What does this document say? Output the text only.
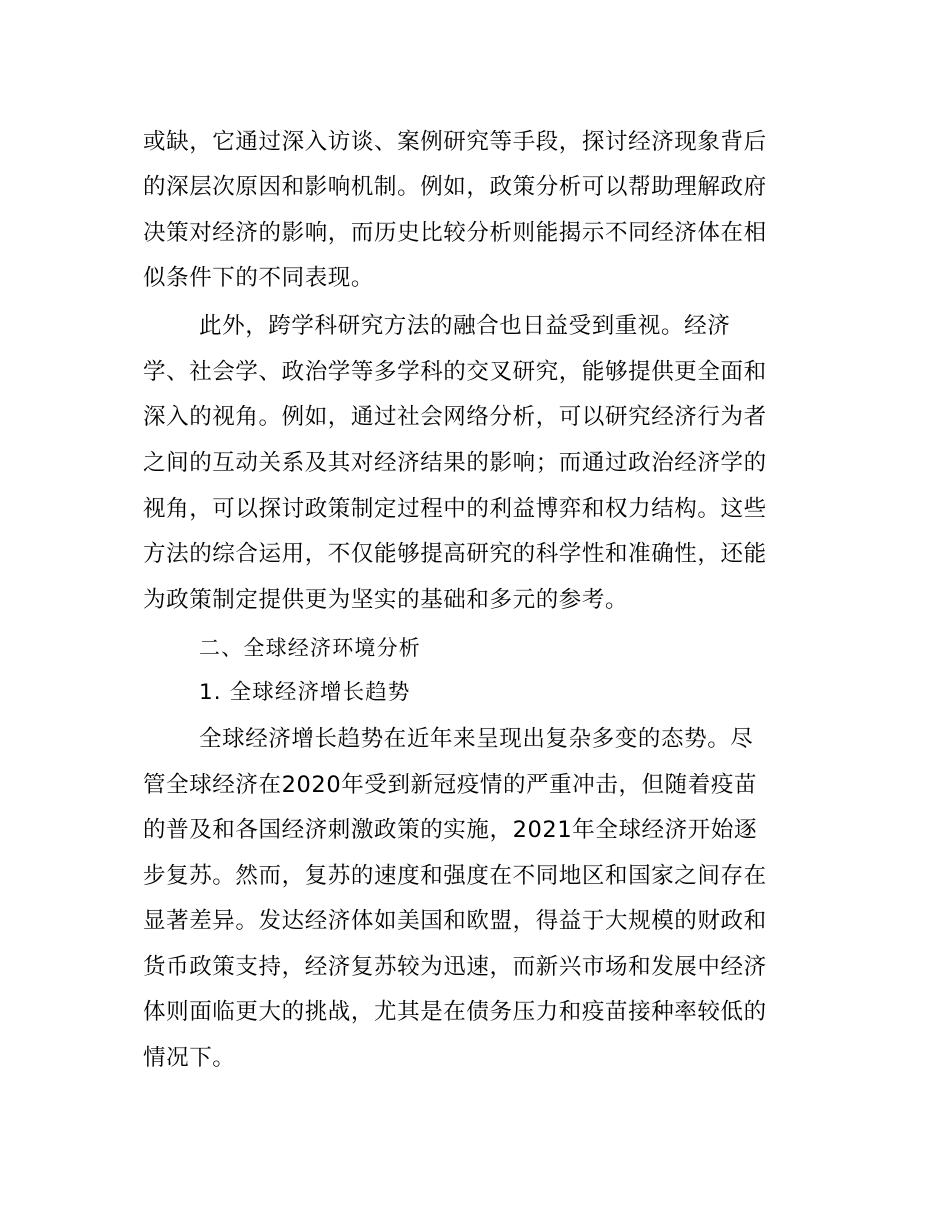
或缺，它通过深入访谈、案例研究等手段，探讨经济现象背后
的深层次原因和影响机制。例如，政策分析可以帮助理解政府
决策对经济的影响，而历史比较分析则能揭示不同经济体在相
似条件下的不同表现。
此外，跨学科研究方法的融合也日益受到重视。经济
学、社会学、政治学等多学科的交叉研究，能够提供更全面和
深入的视角。例如，通过社会网络分析，可以研究经济行为者
之间的互动关系及其对经济结果的影响；而通过政治经济学的
视角，可以探讨政策制定过程中的利益博弈和权力结构。这些
方法的综合运用，不仅能够提高研究的科学性和准确性，还能
为政策制定提供更为坚实的基础和多元的参考。
二、全球经济环境分析
1. 全球经济增长趋势
全球经济增长趋势在近年来呈现出复杂多变的态势。尽
管全球经济在2020年受到新冠疫情的严重冲击，但随着疫苗
的普及和各国经济刺激政策的实施，2021年全球经济开始逐
步复苏。然而，复苏的速度和强度在不同地区和国家之间存在
显著差异。发达经济体如美国和欧盟，得益于大规模的财政和
货币政策支持，经济复苏较为迅速，而新兴市场和发展中经济
体则面临更大的挑战，尤其是在债务压力和疫苗接种率较低的
情况下。
